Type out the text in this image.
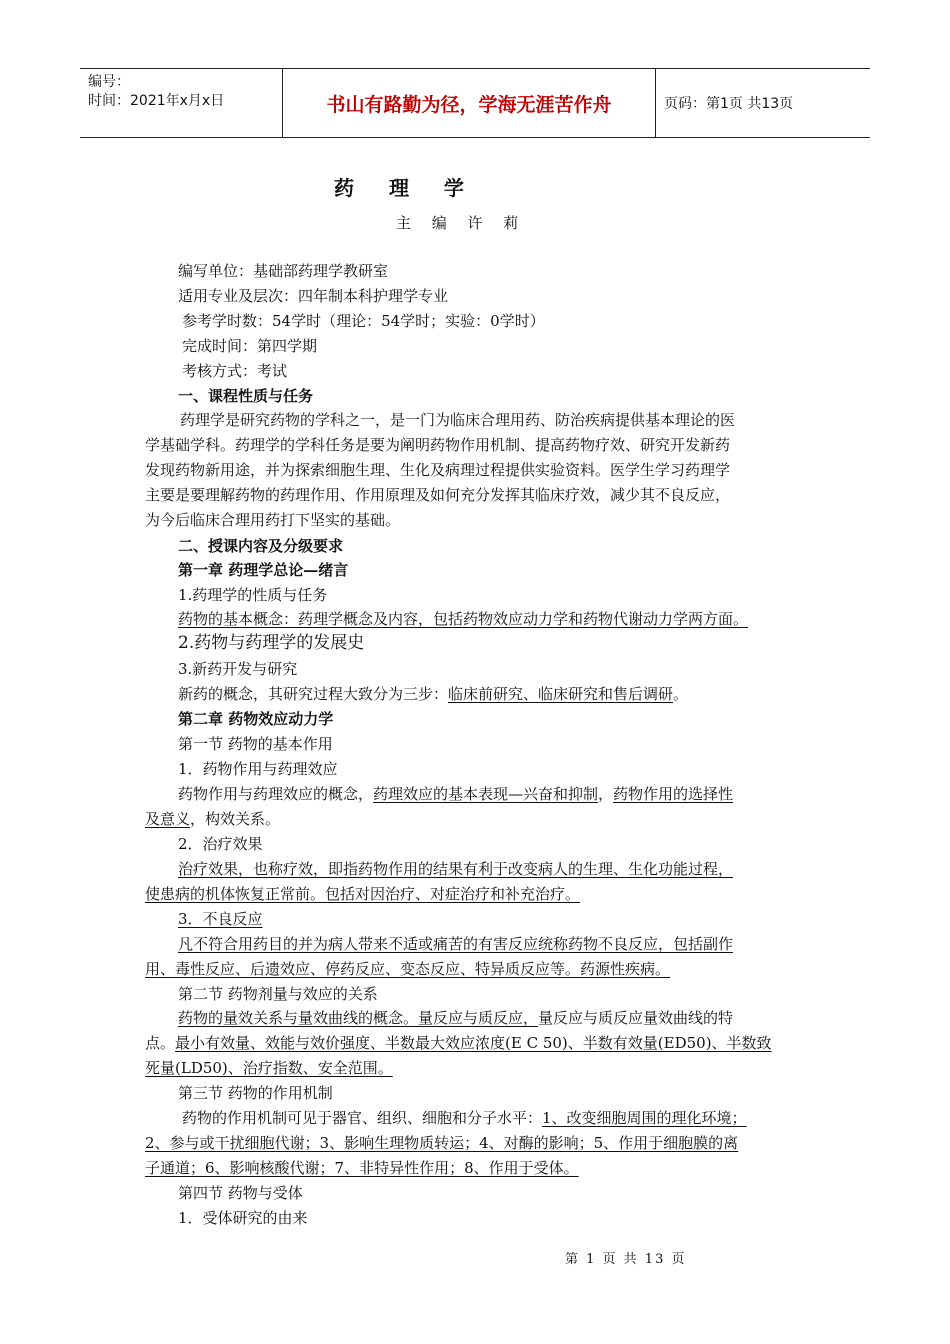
编号：
时间：2021年x月x日	书山有路勤为径，学海无涯苦作舟	页码：第1页 共13页
药 理 学
主 编 许 莉
编写单位：基础部药理学教研室
适用专业及层次：四年制本科护理学专业
参考学时数：54学时（理论：54学时；实验：0学时）
完成时间：第四学期
考核方式：考试
一、课程性质与任务
药理学是研究药物的学科之一，是一门为临床合理用药、防治疾病提供基本理论的医
学基础学科。药理学的学科任务是要为阐明药物作用机制、提高药物疗效、研究开发新药
发现药物新用途，并为探索细胞生理、生化及病理过程提供实验资料。医学生学习药理学
主要是要理解药物的药理作用、作用原理及如何充分发挥其临床疗效，减少其不良反应，
为今后临床合理用药打下坚实的基础。
二、授课内容及分级要求
第一章 药理学总论—绪言
1.药理学的性质与任务
药物的基本概念：药理学概念及内容，包括药物效应动力学和药物代谢动力学两方面。
2.药物与药理学的发展史
3.新药开发与研究
新药的概念，其研究过程大致分为三步：临床前研究、临床研究和售后调研。
第二章 药物效应动力学
第一节 药物的基本作用
1．药物作用与药理效应
药物作用与药理效应的概念，药理效应的基本表现—兴奋和抑制，药物作用的选择性
及意义，构效关系。
2．治疗效果
治疗效果，也称疗效，即指药物作用的结果有利于改变病人的生理、生化功能过程，
使患病的机体恢复正常前。包括对因治疗、对症治疗和补充治疗。
3．不良反应
凡不符合用药目的并为病人带来不适或痛苦的有害反应统称药物不良反应，包括副作
用、毒性反应、后遗效应、停药反应、变态反应、特异质反应等。药源性疾病。
第二节 药物剂量与效应的关系
药物的量效关系与量效曲线的概念。量反应与质反应，量反应与质反应量效曲线的特
点。最小有效量、效能与效价强度、半数最大效应浓度(E C 50)、半数有效量(ED50)、半数致
死量(LD50)、治疗指数、安全范围。
第三节 药物的作用机制
药物的作用机制可见于器官、组织、细胞和分子水平：1、改变细胞周围的理化环境；
2、参与或干扰细胞代谢；3、影响生理物质转运；4、对酶的影响；5、作用于细胞膜的离
子通道；6、影响核酸代谢；7、非特异性作用；8、作用于受体。
第四节 药物与受体
1．受体研究的由来
第 1 页 共 13 页
